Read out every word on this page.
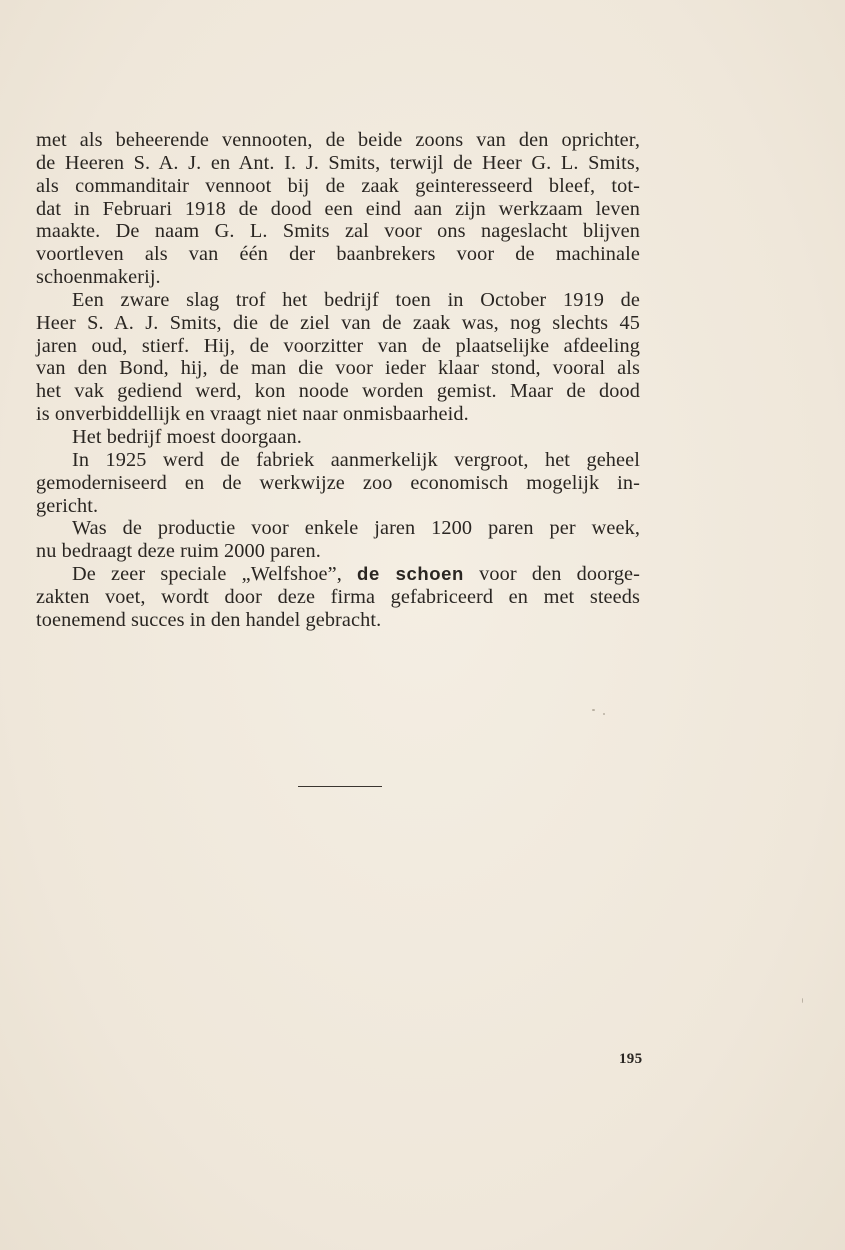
met als beheerende vennooten, de beide zoons van den oprichter,
de Heeren S. A. J. en Ant. I. J. Smits, terwijl de Heer G. L. Smits,
als commanditair vennoot bij de zaak geinteresseerd bleef, tot-
dat in Februari 1918 de dood een eind aan zijn werkzaam leven
maakte. De naam G. L. Smits zal voor ons nageslacht blijven
voortleven als van één der baanbrekers voor de machinale
schoenmakerij.
Een zware slag trof het bedrijf toen in October 1919 de
Heer S. A. J. Smits, die de ziel van de zaak was, nog slechts 45
jaren oud, stierf. Hij, de voorzitter van de plaatselijke afdeeling
van den Bond, hij, de man die voor ieder klaar stond, vooral als
het vak gediend werd, kon noode worden gemist. Maar de dood
is onverbiddellijk en vraagt niet naar onmisbaarheid.
Het bedrijf moest doorgaan.
In 1925 werd de fabriek aanmerkelijk vergroot, het geheel
gemoderniseerd en de werkwijze zoo economisch mogelijk in-
gericht.
Was de productie voor enkele jaren 1200 paren per week,
nu bedraagt deze ruim 2000 paren.
De zeer speciale „Welfshoe”, de schoen voor den doorge-
zakten voet, wordt door deze firma gefabriceerd en met steeds
toenemend succes in den handel gebracht.
195
